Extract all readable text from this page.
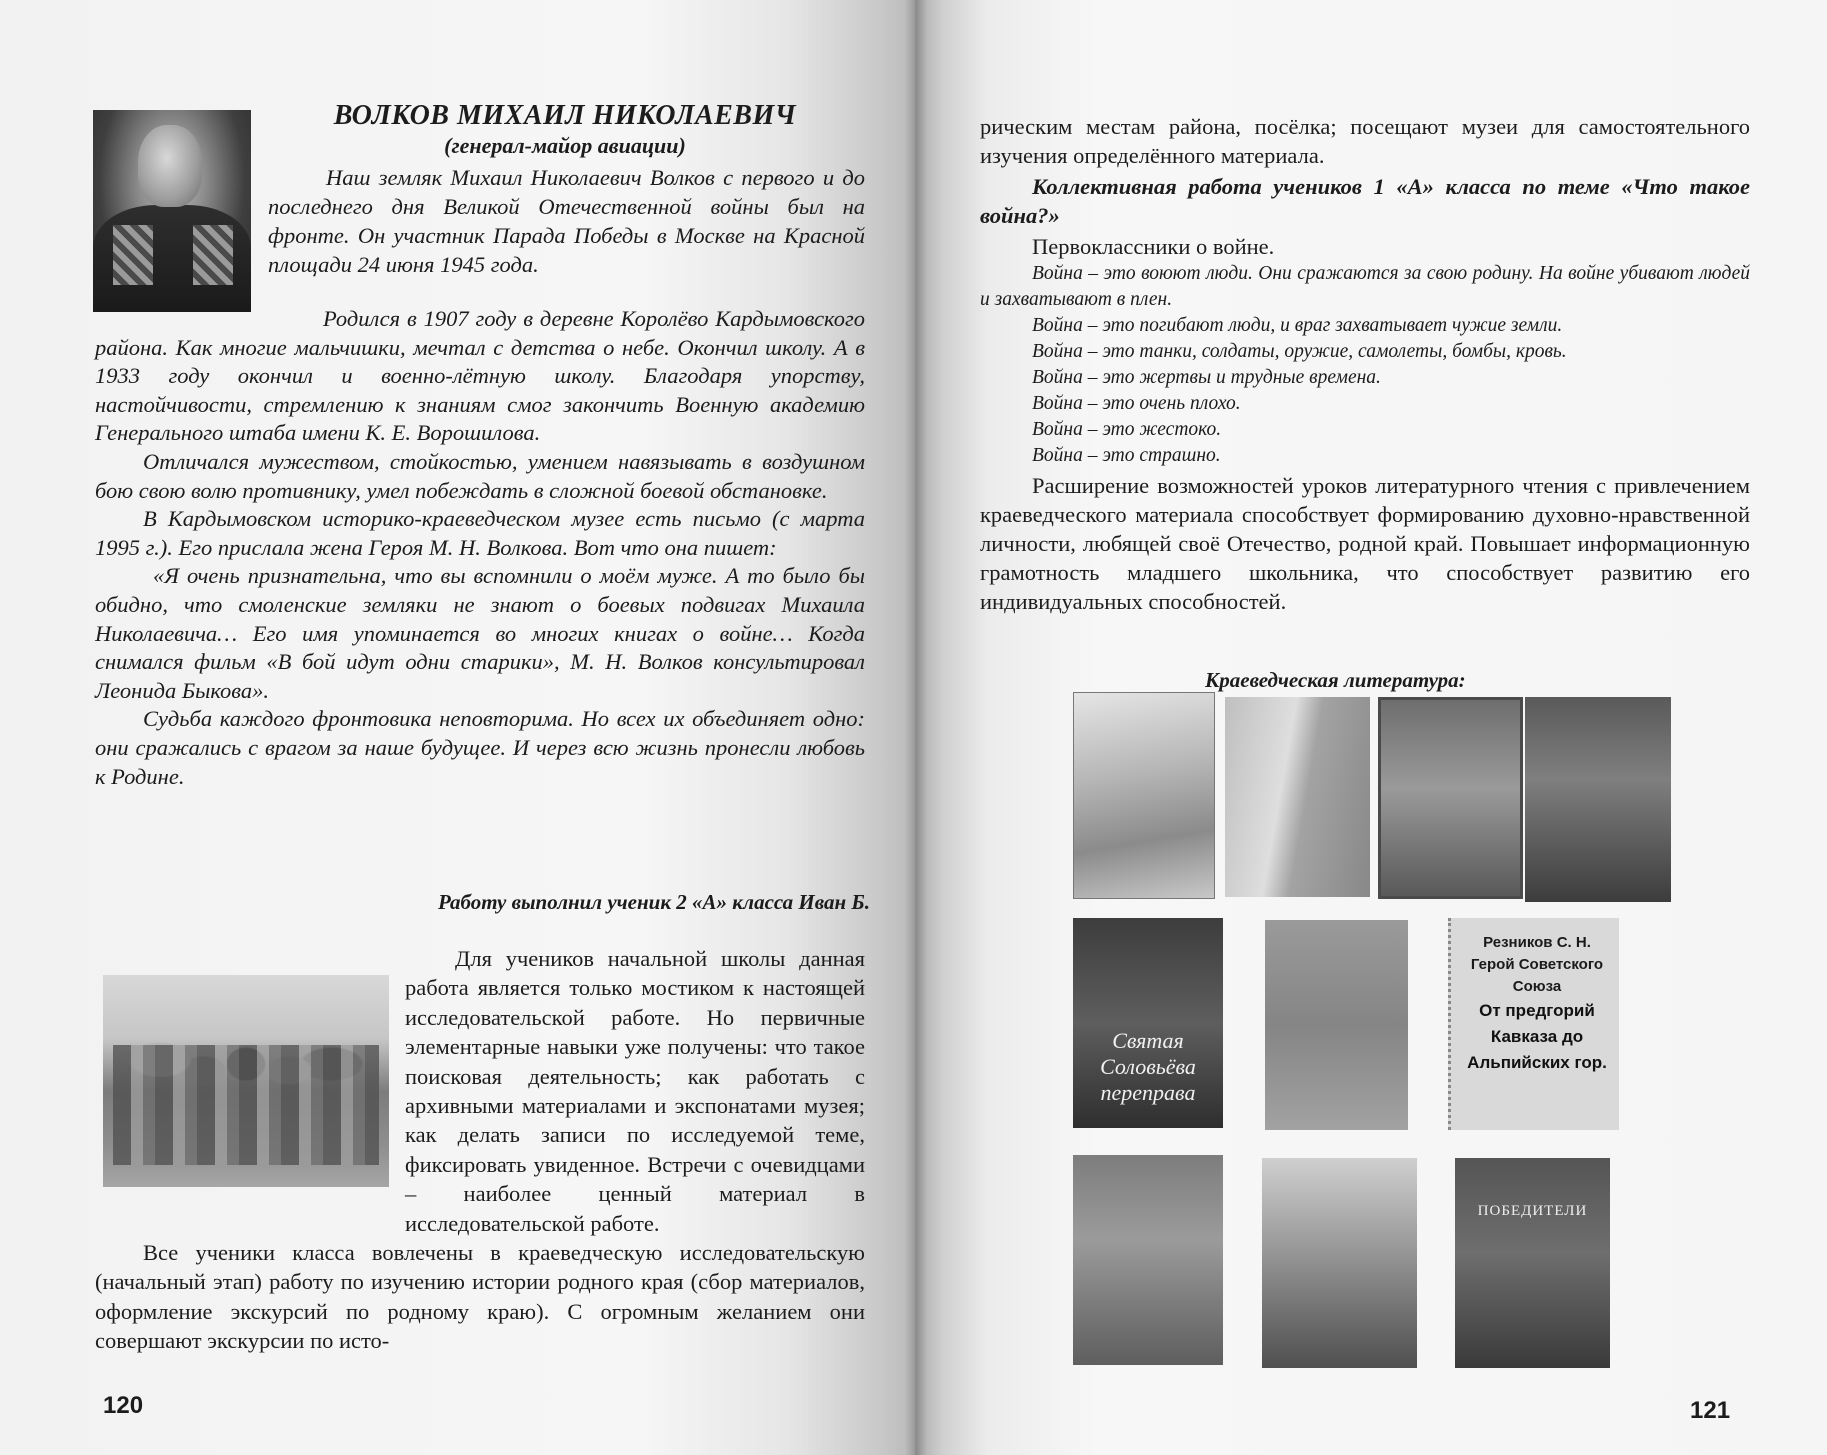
ВОЛКОВ МИХАИЛ НИКОЛАЕВИЧ
(генерал-майор авиации)

Наш земляк Михаил Николаевич Волков с первого и до последнего дня Великой Отечественной войны был на фронте. Он участник Парада Победы в Москве на Красной площади 24 июня 1945 года.

Родился в 1907 году в деревне Королёво Кардымовского района. Как многие мальчишки, мечтал с детства о небе. Окончил школу. А в 1933 году окончил и военно-лётную школу. Благодаря упорству, настойчивости, стремлению к знаниям смог закончить Военную академию Генерального штаба имени К. Е. Ворошилова.

Отличался мужеством, стойкостью, умением навязывать в воздушном бою свою волю противнику, умел побеждать в сложной боевой обстановке.

В Кардымовском историко-краеведческом музее есть письмо (с марта 1995 г.). Его прислала жена Героя М. Н. Волкова. Вот что она пишет:

«Я очень признательна, что вы вспомнили о моём муже. А то было бы обидно, что смоленские земляки не знают о боевых подвигах Михаила Николаевича… Его имя упоминается во многих книгах о войне… Когда снимался фильм «В бой идут одни старики», М. Н. Волков консультировал Леонида Быкова».

Судьба каждого фронтовика неповторима. Но всех их объединяет одно: они сражались с врагом за наше будущее. И через всю жизнь пронесли любовь к Родине.

Работу выполнил ученик 2 «А» класса Иван Б.

Для учеников начальной школы данная работа является только мостиком к настоящей исследовательской работе. Но первичные элементарные навыки уже получены: что такое поисковая деятельность; как работать с архивными материалами и экспонатами музея; как делать записи по исследуемой теме, фиксировать увиденное. Встречи с очевидцами – наиболее ценный материал в исследовательской работе.

Все ученики класса вовлечены в краеведческую исследовательскую (начальный этап) работу по изучению истории родного края (сбор материалов, оформление экскурсий по родному краю). С огромным желанием они совершают экскурсии по исто-

120

рическим местам района, посёлка; посещают музеи для самостоятельного изучения определённого материала.

Коллективная работа учеников 1 «А» класса по теме «Что такое война?»

Первоклассники о войне.

Война – это воюют люди. Они сражаются за свою родину. На войне убивают людей и захватывают в плен.

Война – это погибают люди, и враг захватывает чужие земли.

Война – это танки, солдаты, оружие, самолеты, бомбы, кровь.

Война – это жертвы и трудные времена.

Война – это очень плохо.

Война – это жестоко.

Война – это страшно.

Расширение возможностей уроков литературного чтения с привлечением краеведческого материала способствует формированию духовно-нравственной личности, любящей своё Отечество, родной край. Повышает информационную грамотность младшего школьника, что способствует развитию его индивидуальных способностей.

Краеведческая литература:
Святая Соловьёва переправа
Резников С. Н.
Герой Советского Союза
От предгорий Кавказа до Альпийских гор.
ПОБЕДИТЕЛИ
121
